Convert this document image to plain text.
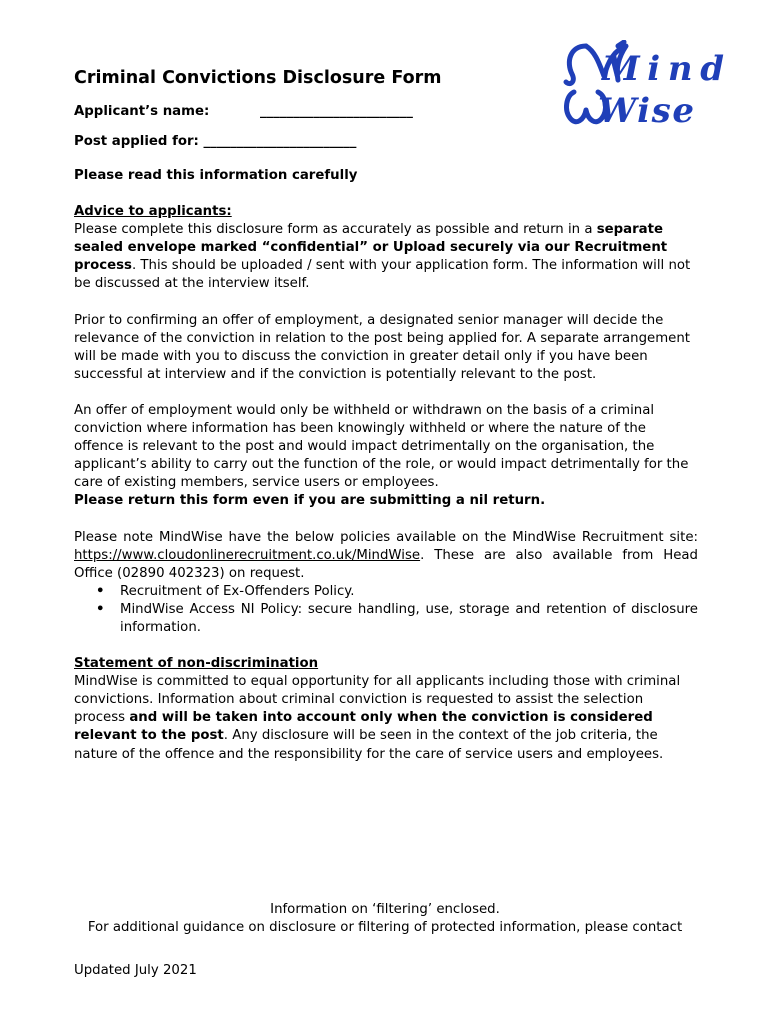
Mind
Wise
Criminal Convictions Disclosure Form
Applicant’s name:	_______________________
Post applied for: _______________________

Please read this information carefully

Advice to applicants:

Please complete this disclosure form as accurately as possible and return in a separate sealed envelope marked “confidential” or Upload securely via our Recruitment process. This should be uploaded / sent with your application form. The information will not be discussed at the interview itself.

Prior to confirming an offer of employment, a designated senior manager will decide the relevance of the conviction in relation to the post being applied for. A separate arrangement will be made with you to discuss the conviction in greater detail only if you have been successful at interview and if the conviction is potentially relevant to the post.

An offer of employment would only be withheld or withdrawn on the basis of a criminal conviction where information has been knowingly withheld or where the nature of the offence is relevant to the post and would impact detrimentally on the organisation, the applicant’s ability to carry out the function of the role, or would impact detrimentally for the care of existing members, service users or employees.

Please return this form even if you are submitting a nil return.

Please note MindWise have the below policies available on the MindWise Recruitment site: https://www.cloudonlinerecruitment.co.uk/MindWise. These are also available from Head Office (02890 402323) on request.

• Recruitment of Ex-Offenders Policy.
• MindWise Access NI Policy: secure handling, use, storage and retention of disclosure information.

Statement of non-discrimination

MindWise is committed to equal opportunity for all applicants including those with criminal convictions. Information about criminal conviction is requested to assist the selection process and will be taken into account only when the conviction is considered relevant to the post. Any disclosure will be seen in the context of the job criteria, the nature of the offence and the responsibility for the care of service users and employees.

Information on ‘filtering’ enclosed.

For additional guidance on disclosure or filtering of protected information, please contact

Updated July 2021
